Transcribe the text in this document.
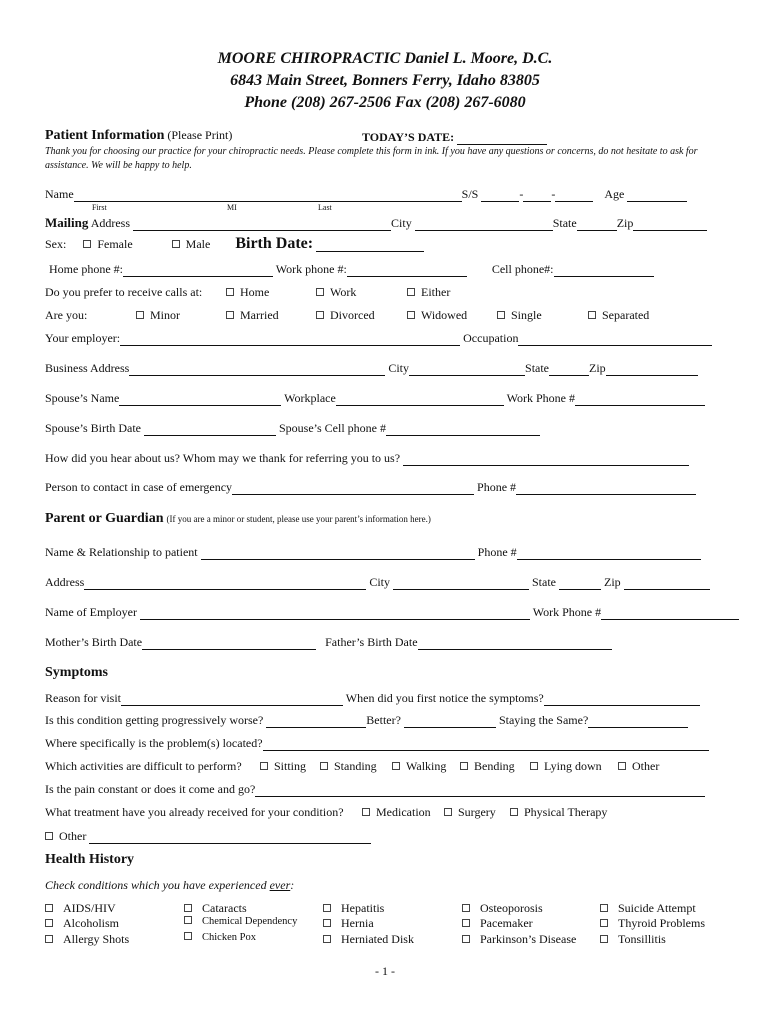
MOORE CHIROPRACTIC Daniel L. Moore, D.C.
6843 Main Street, Bonners Ferry, Idaho 83805
Phone (208) 267-2506 Fax (208) 267-6080
Patient Information (Please Print)	TODAY’S DATE:
Thank you for choosing our practice for your chiropractic needs. Please complete this form in ink. If you have any questions or concerns, do not hesitate to ask for assistance. We will be happy to help.
Name	S/S	- -	Age
First	MI	Last
Mailing Address	City	State	Zip
Sex:	Female	Male Birth Date:
Home phone #:	Work phone #:	Cell phone#:
Do you prefer to receive calls at:	Home	Work	Either
Are you:	Minor	Married	Divorced	Widowed	Single	Separated
Your employer:	Occupation
Business Address	City	State	Zip
Spouse’s Name	Workplace	Work Phone #
Spouse’s Birth Date	Spouse’s Cell phone #
How did you hear about us? Whom may we thank for referring you to us?
Person to contact in case of emergency	Phone #
Parent or Guardian (If you are a minor or student, please use your parent’s information here.)
Name & Relationship to patient	Phone #
Address	City	State	Zip
Name of Employer	Work Phone #
Mother’s Birth Date	Father’s Birth Date
Symptoms
Reason for visit	When did you first notice the symptoms?
Is this condition getting progressively worse?	Better?	Staying the Same?
Where specifically is the problem(s) located?
Which activities are difficult to perform?	Sitting	Standing	Walking	Bending	Lying down	Other
Is the pain constant or does it come and go?
What treatment have you already received for your condition?	Medication	Surgery	Physical Therapy
Other
Health History
Check conditions which you have experienced ever:
AIDS/HIV
Alcoholism
Allergy Shots
Cataracts
Chemical Dependency
Chicken Pox
Hepatitis
Hernia
Herniated Disk
Osteoporosis
Pacemaker
Parkinson’s Disease
Suicide Attempt
Thyroid Problems
Tonsillitis
- 1 -
